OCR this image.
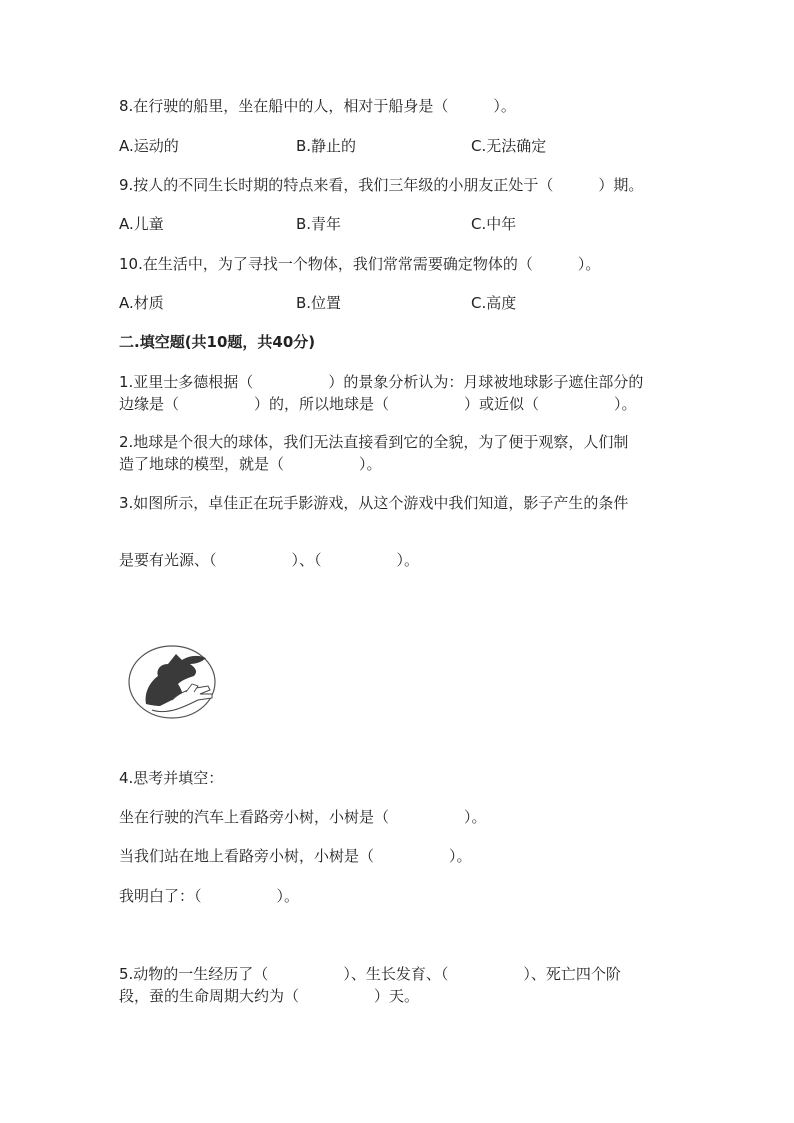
8.在行驶的船里，坐在船中的人，相对于船身是（　　　）。
A.运动的	B.静止的	C.无法确定
9.按人的不同生长时期的特点来看，我们三年级的小朋友正处于（　　　）期。
A.儿童	B.青年	C.中年
10.在生活中，为了寻找一个物体，我们常常需要确定物体的（　　　）。
A.材质	B.位置	C.高度
二.填空题(共10题，共40分)
1.亚里士多德根据（　　　　　）的景象分析认为：月球被地球影子遮住部分的
边缘是（　　　　　）的，所以地球是（　　　　　）或近似（　　　　　）。
2.地球是个很大的球体，我们无法直接看到它的全貌，为了便于观察，人们制
造了地球的模型，就是（　　　　　）。
3.如图所示，卓佳正在玩手影游戏，从这个游戏中我们知道，影子产生的条件
是要有光源、（　　　　　）、（　　　　　）。
4.思考并填空：
坐在行驶的汽车上看路旁小树，小树是（　　　　　）。
当我们站在地上看路旁小树，小树是（　　　　　）。
我明白了：（　　　　　）。
5.动物的一生经历了（　　　　　）、生长发育、（　　　　　）、死亡四个阶
段，蚕的生命周期大约为（　　　　　）天。
